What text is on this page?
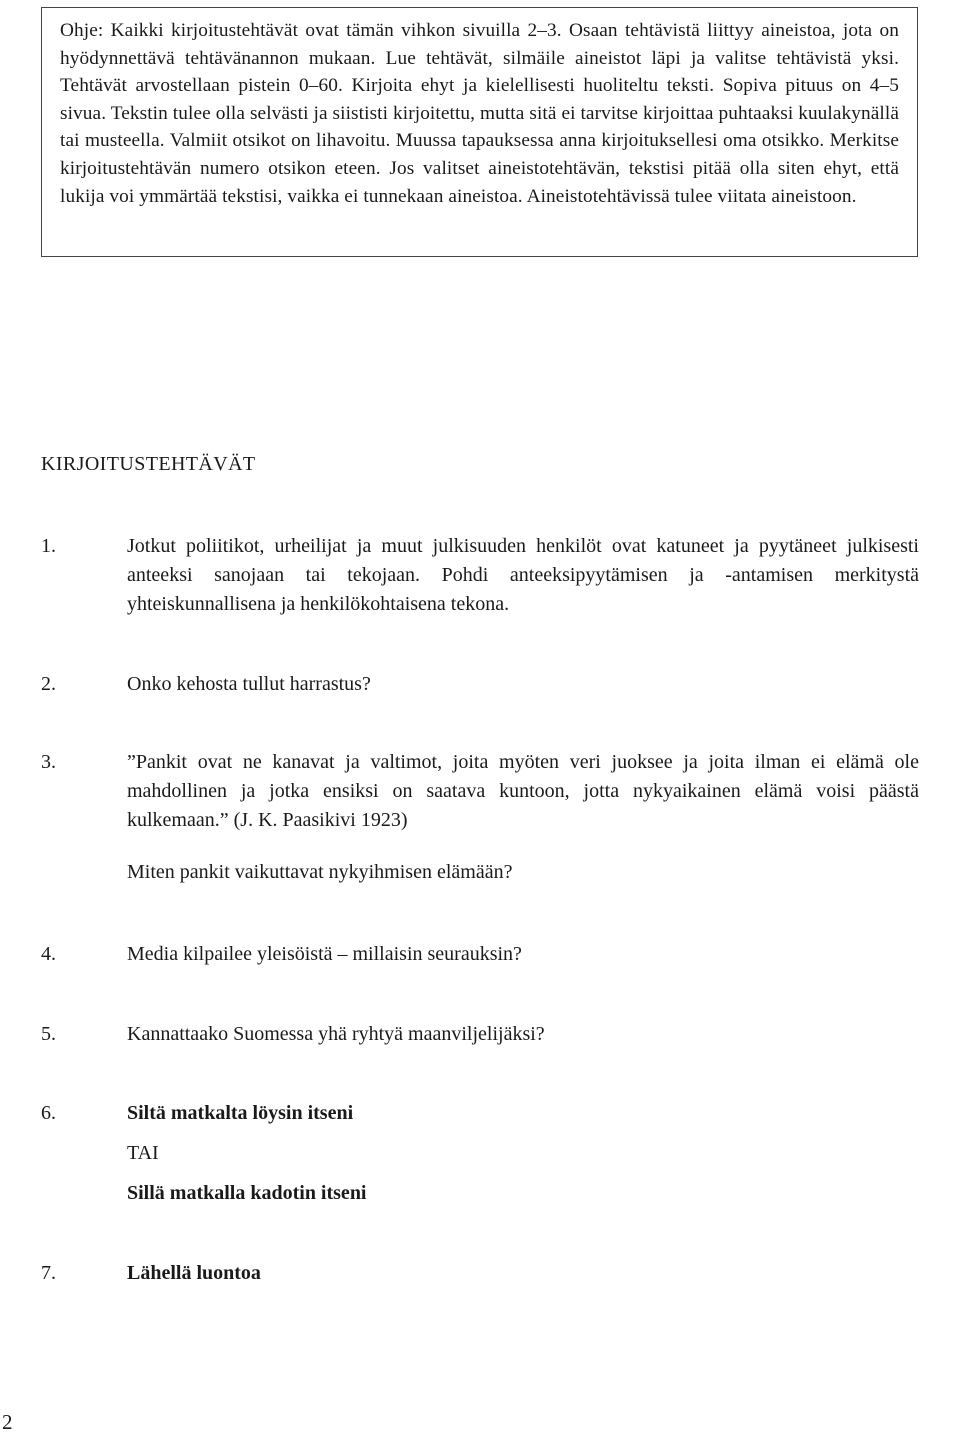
Ohje: Kaikki kirjoitustehtävät ovat tämän vihkon sivuilla 2–3. Osaan tehtävistä liittyy aineistoa, jota on hyödynnettävä tehtävänannon mukaan. Lue tehtävät, silmäile aineistot läpi ja valitse tehtävistä yksi. Tehtävät arvostellaan pistein 0–60. Kirjoita ehyt ja kielellisesti huoliteltu teksti. Sopiva pituus on 4–5 sivua. Tekstin tulee olla selvästi ja siististi kirjoitettu, mutta sitä ei tarvitse kirjoittaa puhtaaksi kuulakynällä tai musteella. Valmiit otsikot on lihavoitu. Muussa tapauksessa anna kirjoituksellesi oma otsikko. Merkitse kirjoitustehtävän numero otsikon eteen. Jos valitset aineistotehtävän, tekstisi pitää olla siten ehyt, että lukija voi ymmärtää tekstisi, vaikka ei tunnekaan aineistoa. Aineistotehtävissä tulee viitata aineistoon.

KIRJOITUSTEHTÄVÄT
1.	Jotkut poliitikot, urheilijat ja muut julkisuuden henkilöt ovat katuneet ja pyytäneet julkisesti anteeksi sanojaan tai tekojaan. Pohdi anteeksipyytämisen ja -antamisen merkitystä yhteiskunnallisena ja henkilökohtaisena tekona.

2.	Onko kehosta tullut harrastus?

3.	”Pankit ovat ne kanavat ja valtimot, joita myöten veri juoksee ja joita ilman ei elämä ole mahdollinen ja jotka ensiksi on saatava kuntoon, jotta nykyaikainen elämä voisi päästä kulkemaan.” (J. K. Paasikivi 1923)

Miten pankit vaikuttavat nykyihmisen elämään?

4.	Media kilpailee yleisöistä – millaisin seurauksin?

5.	Kannattaako Suomessa yhä ryhtyä maanviljelijäksi?

6.	Siltä matkalta löysin itseni

TAI

Sillä matkalla kadotin itseni

7.	Lähellä luontoa

2
